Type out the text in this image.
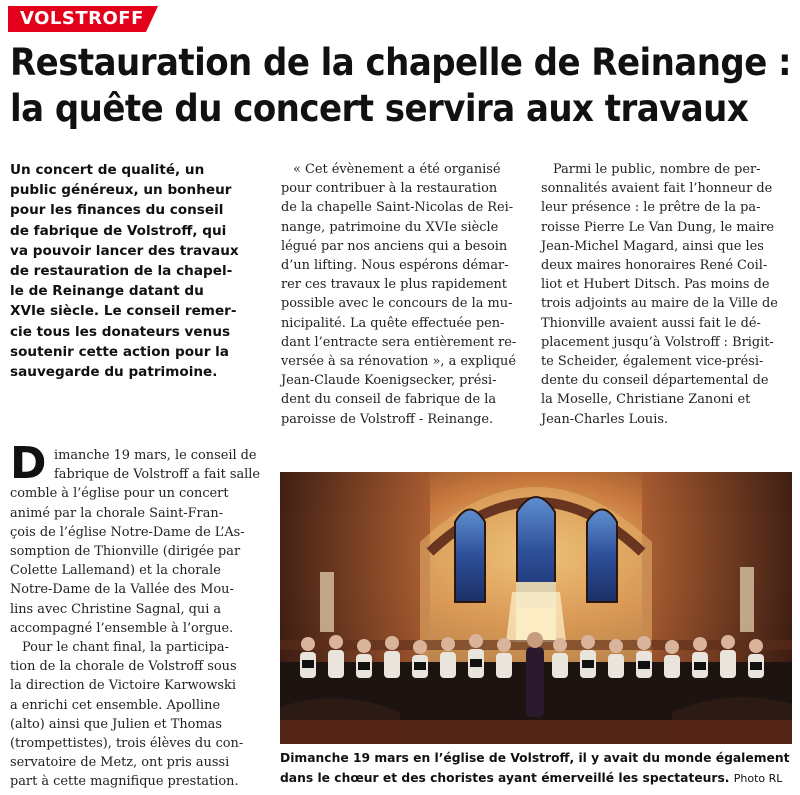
VOLSTROFF
Restauration de la chapelle de Reinange :
la quête du concert servira aux travaux
Un concert de qualité, un
public généreux, un bonheur
pour les finances du conseil
de fabrique de Volstroff, qui
va pouvoir lancer des travaux
de restauration de la chapel-
le de Reinange datant du
XVIe siècle. Le conseil remer-
cie tous les donateurs venus
soutenir cette action pour la
sauvegarde du patrimoine.
D imanche 19 mars, le conseil de
fabrique de Volstroff a fait salle
comble à l’église pour un concert
animé par la chorale Saint-Fran-
çois de l’église Notre-Dame de L’As-
somption de Thionville (dirigée par
Colette Lallemand) et la chorale
Notre-Dame de la Vallée des Mou-
lins avec Christine Sagnal, qui a
accompagné l’ensemble à l’orgue.
Pour le chant final, la participa-
tion de la chorale de Volstroff sous
la direction de Victoire Karwowski
a enrichi cet ensemble. Apolline
(alto) ainsi que Julien et Thomas
(trompettistes), trois élèves du con-
servatoire de Metz, ont pris aussi
part à cette magnifique prestation.
« Cet évènement a été organisé
pour contribuer à la restauration
de la chapelle Saint-Nicolas de Rei-
nange, patrimoine du XVIe siècle
légué par nos anciens qui a besoin
d’un lifting. Nous espérons démar-
rer ces travaux le plus rapidement
possible avec le concours de la mu-
nicipalité. La quête effectuée pen-
dant l’entracte sera entièrement re-
versée à sa rénovation », a expliqué
Jean-Claude Koenigsecker, prési-
dent du conseil de fabrique de la
paroisse de Volstroff - Reinange.
Parmi le public, nombre de per-
sonnalités avaient fait l’honneur de
leur présence : le prêtre de la pa-
roisse Pierre Le Van Dung, le maire
Jean-Michel Magard, ainsi que les
deux maires honoraires René Coil-
liot et Hubert Ditsch. Pas moins de
trois adjoints au maire de la Ville de
Thionville avaient aussi fait le dé-
placement jusqu’à Volstroff : Brigit-
te Scheider, également vice-prési-
dente du conseil départemental de
la Moselle, Christiane Zanoni et
Jean-Charles Louis.
Dimanche 19 mars en l’église de Volstroff, il y avait du monde également
dans le chœur et des choristes ayant émerveillé les spectateurs. Photo RL
